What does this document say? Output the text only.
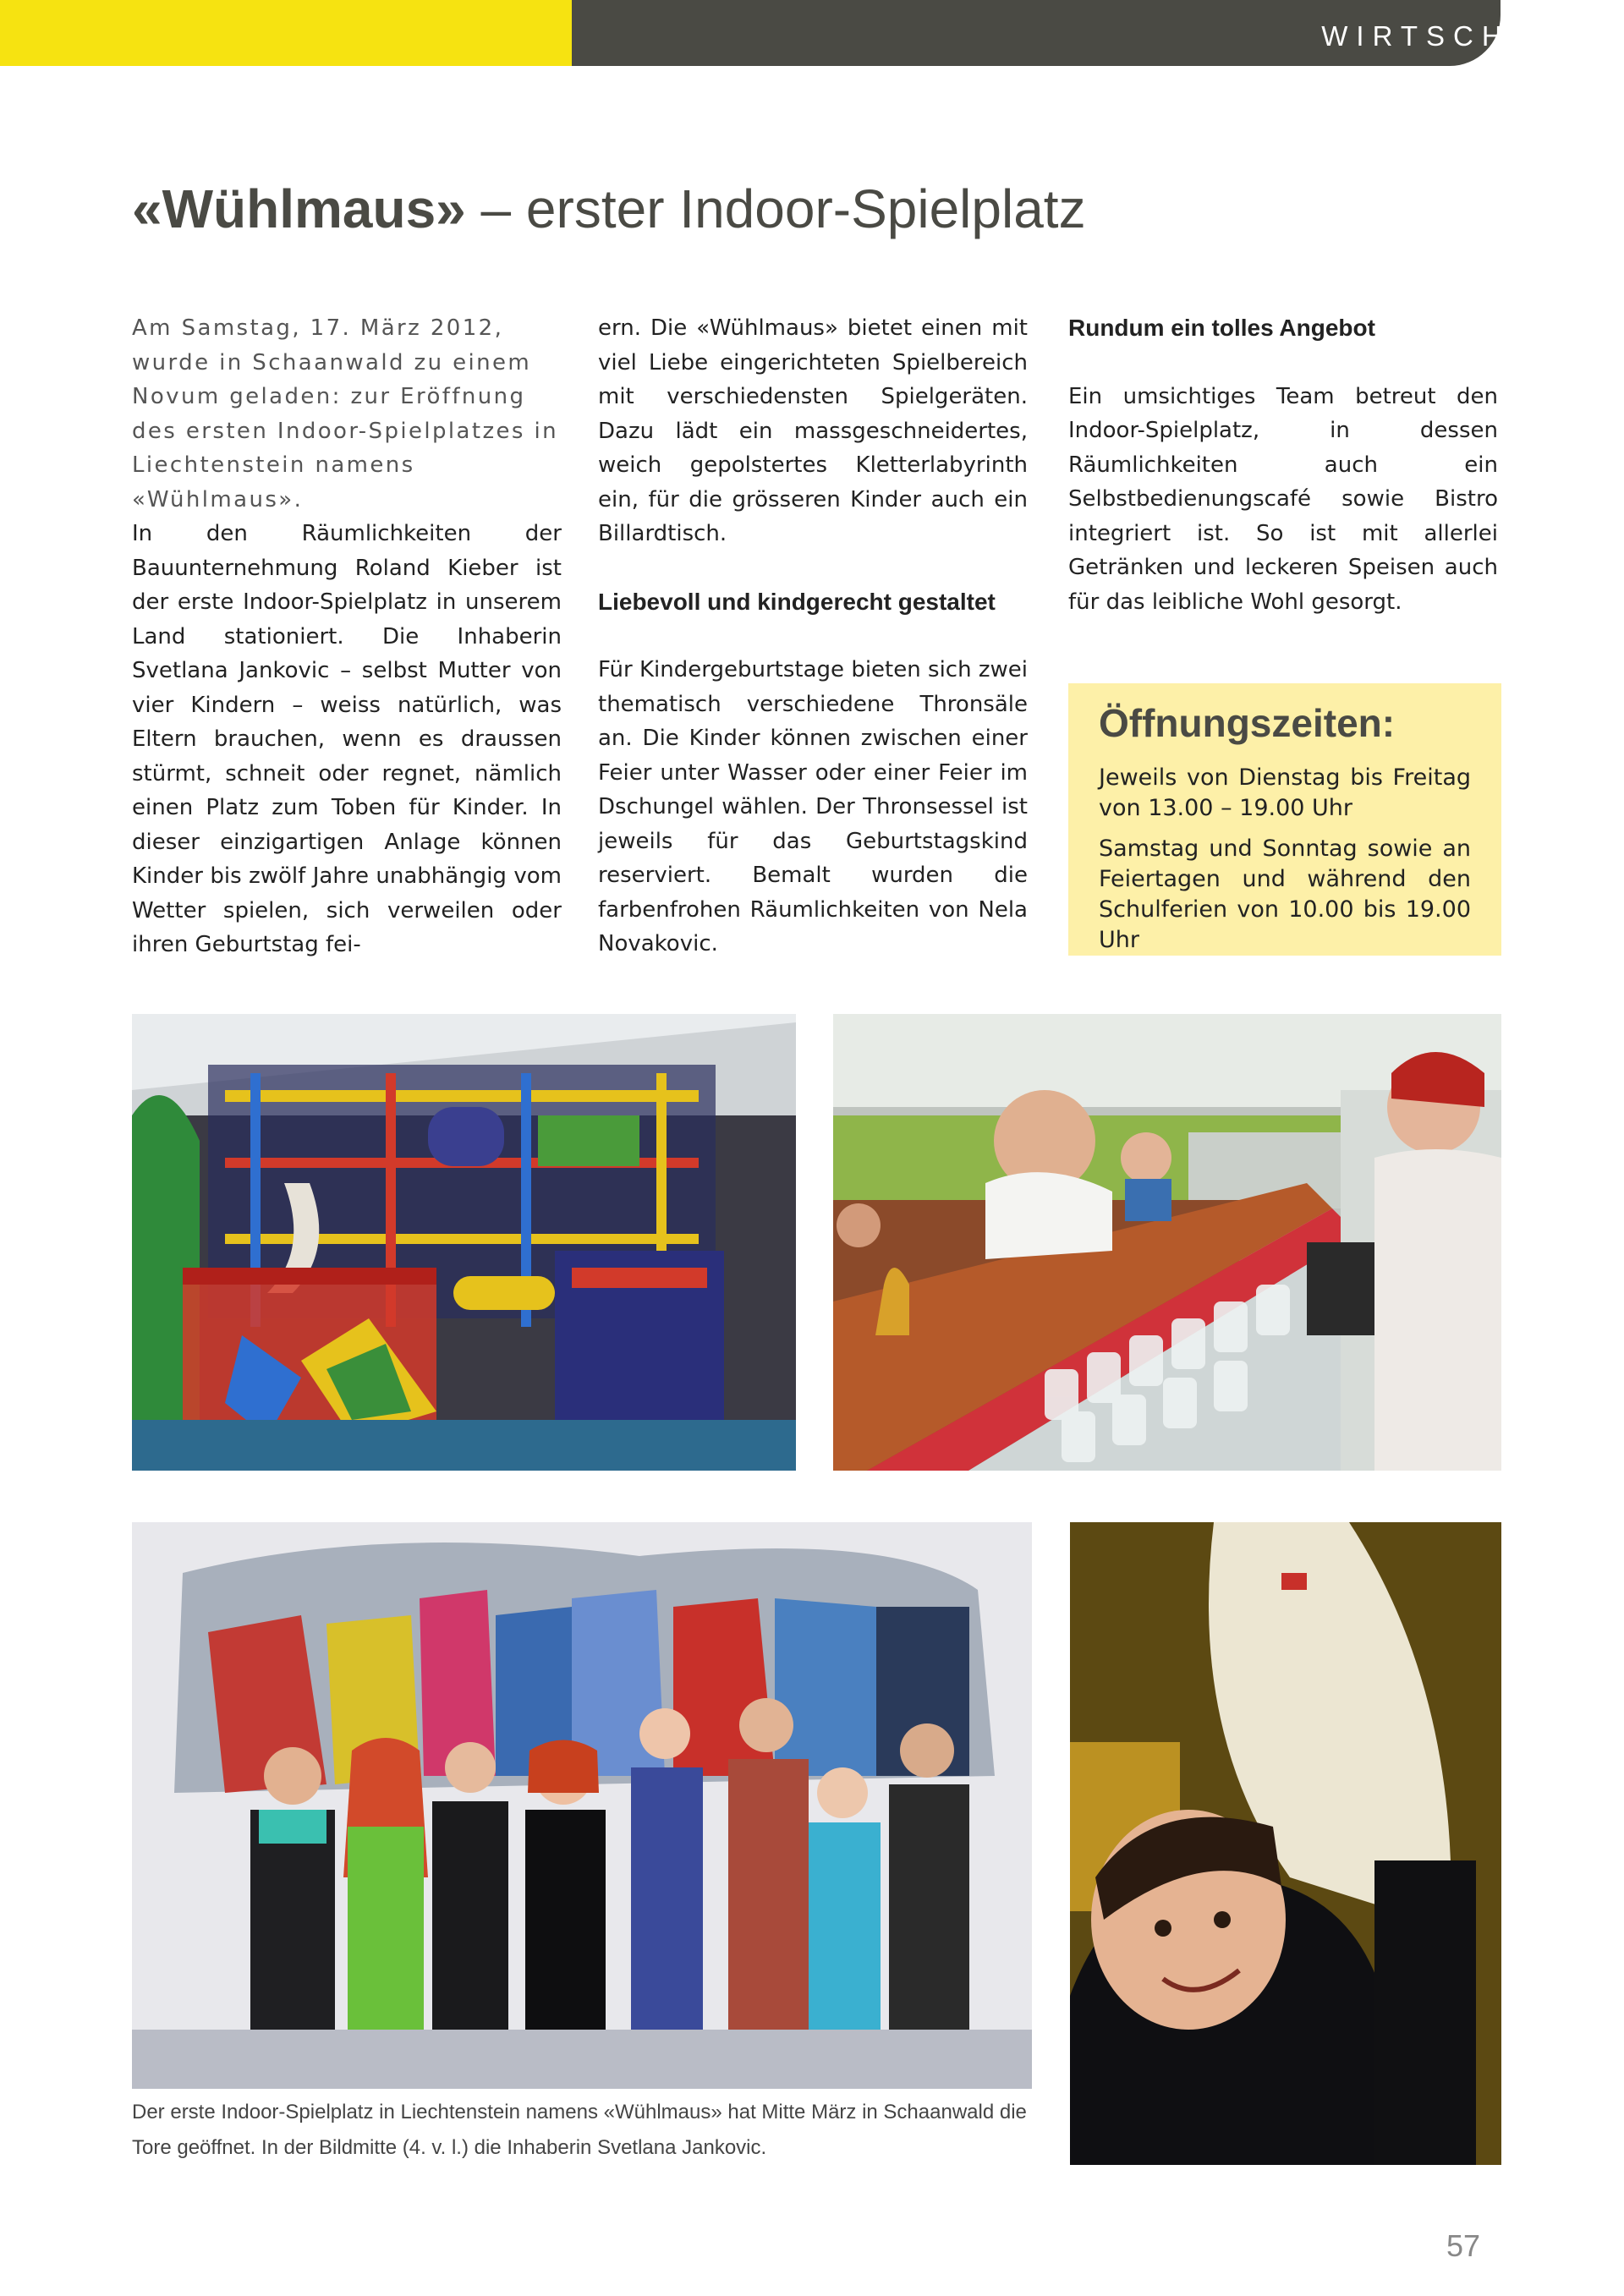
WIRTSCHAFT
«Wühlmaus» – erster Indoor-Spielplatz

Am Samstag, 17. März 2012, wurde in Schaanwald zu einem Novum geladen: zur Eröffnung des ersten Indoor-Spielplatzes in Liechtenstein namens «Wühlmaus».

In den Räumlichkeiten der Bauunternehmung Roland Kieber ist der erste Indoor-Spielplatz in unserem Land stationiert. Die Inhaberin Svetlana Jankovic – selbst Mutter von vier Kindern – weiss natürlich, was Eltern brauchen, wenn es draussen stürmt, schneit oder regnet, nämlich einen Platz zum Toben für Kinder. In dieser einzigartigen Anlage können Kinder bis zwölf Jahre unabhängig vom Wetter spielen, sich verweilen oder ihren Geburtstag fei-

ern. Die «Wühlmaus» bietet einen mit viel Liebe eingerichteten Spielbereich mit verschiedensten Spielgeräten. Dazu lädt ein massgeschneidertes, weich gepolstertes Kletterlabyrinth ein, für die grösseren Kinder auch ein Billardtisch.

Liebevoll und kindgerecht gestaltet

Für Kindergeburtstage bieten sich zwei thematisch verschiedene Thronsäle an. Die Kinder können zwischen einer Feier unter Wasser oder einer Feier im Dschungel wählen. Der Thronsessel ist jeweils für das Geburtstagskind reserviert. Bemalt wurden die farbenfrohen Räumlichkeiten von Nela Novakovic.

Rundum ein tolles Angebot

Ein umsichtiges Team betreut den Indoor-Spielplatz, in dessen Räumlichkeiten auch ein Selbstbedienungscafé sowie Bistro integriert ist. So ist mit allerlei Getränken und leckeren Speisen auch für das leibliche Wohl gesorgt.

Öffnungszeiten:

Jeweils von Dienstag bis Freitag von 13.00 – 19.00 Uhr

Samstag und Sonntag sowie an Feiertagen und während den Schulferien von 10.00 bis 19.00 Uhr

Der erste Indoor-Spielplatz in Liechtenstein namens «Wühlmaus» hat Mitte März in Schaanwald die Tore geöffnet. In der Bildmitte (4. v. l.) die Inhaberin Svetlana Jankovic.
57
